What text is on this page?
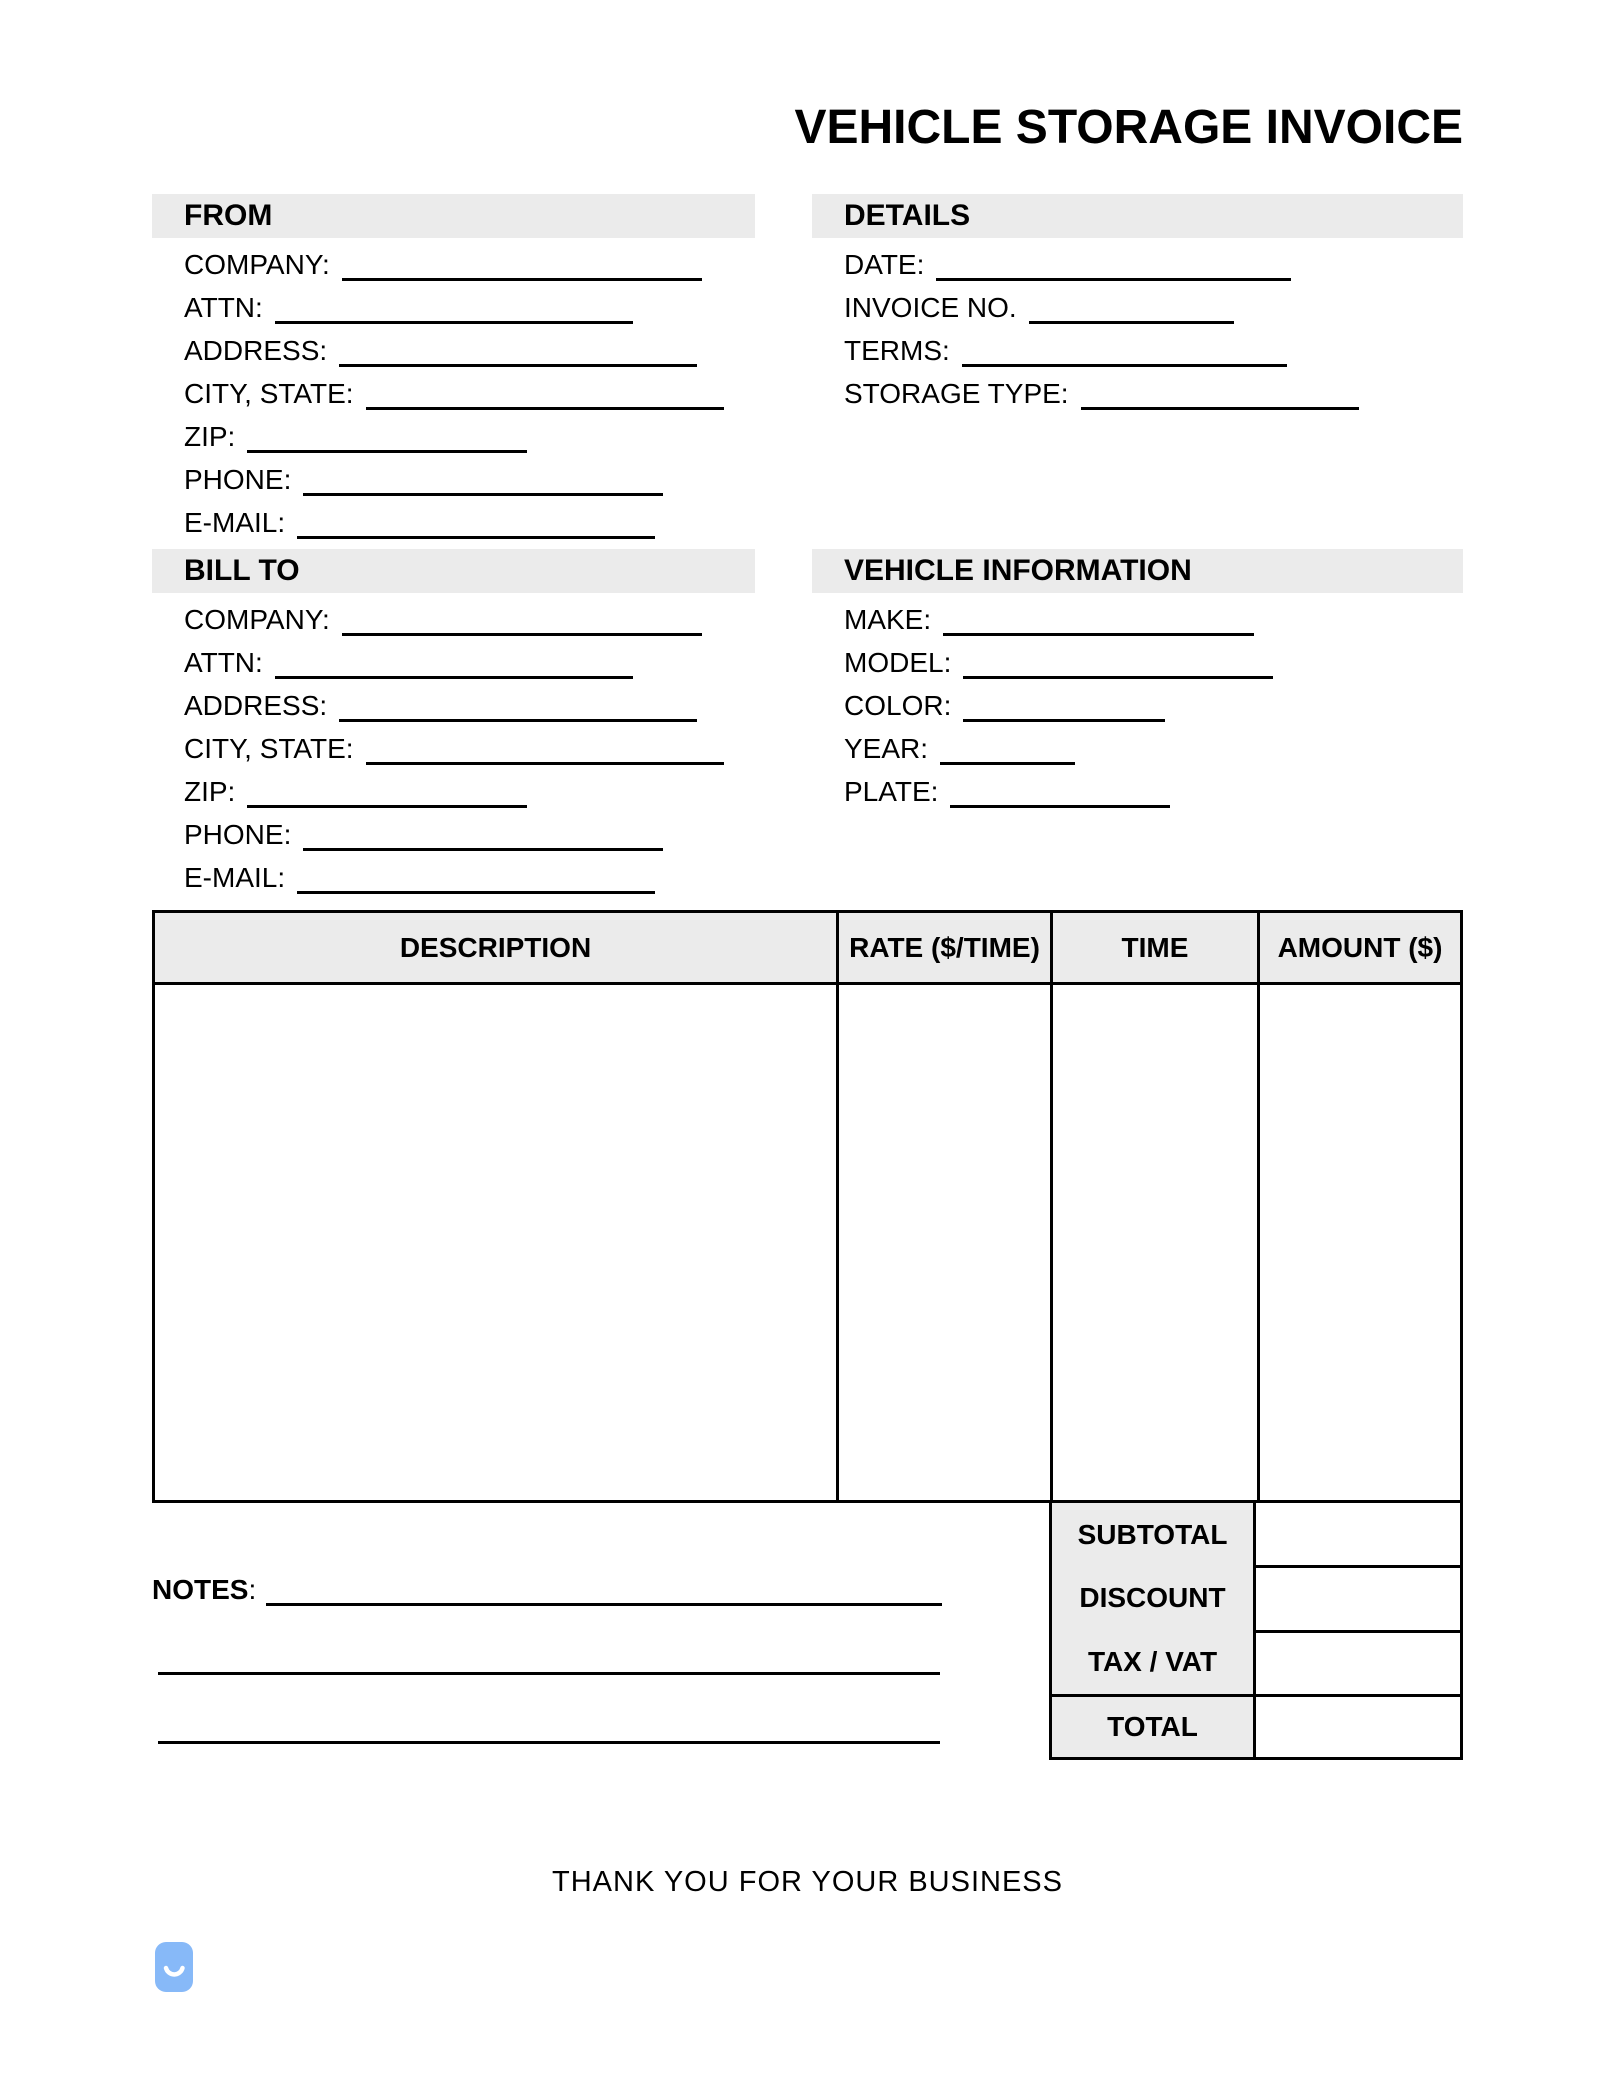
VEHICLE STORAGE INVOICE
FROM
COMPANY:
ATTN:
ADDRESS:
CITY, STATE:
ZIP:
PHONE:
E-MAIL:
DETAILS
DATE:
INVOICE NO.
TERMS:
STORAGE TYPE:
BILL TO
COMPANY:
ATTN:
ADDRESS:
CITY, STATE:
ZIP:
PHONE:
E-MAIL:
VEHICLE INFORMATION
MAKE:
MODEL:
COLOR:
YEAR:
PLATE:
DESCRIPTION	RATE ($/TIME)	TIME	AMOUNT ($)
SUBTOTAL
DISCOUNT
TAX / VAT
TOTAL
NOTES :
THANK YOU FOR YOUR BUSINESS
